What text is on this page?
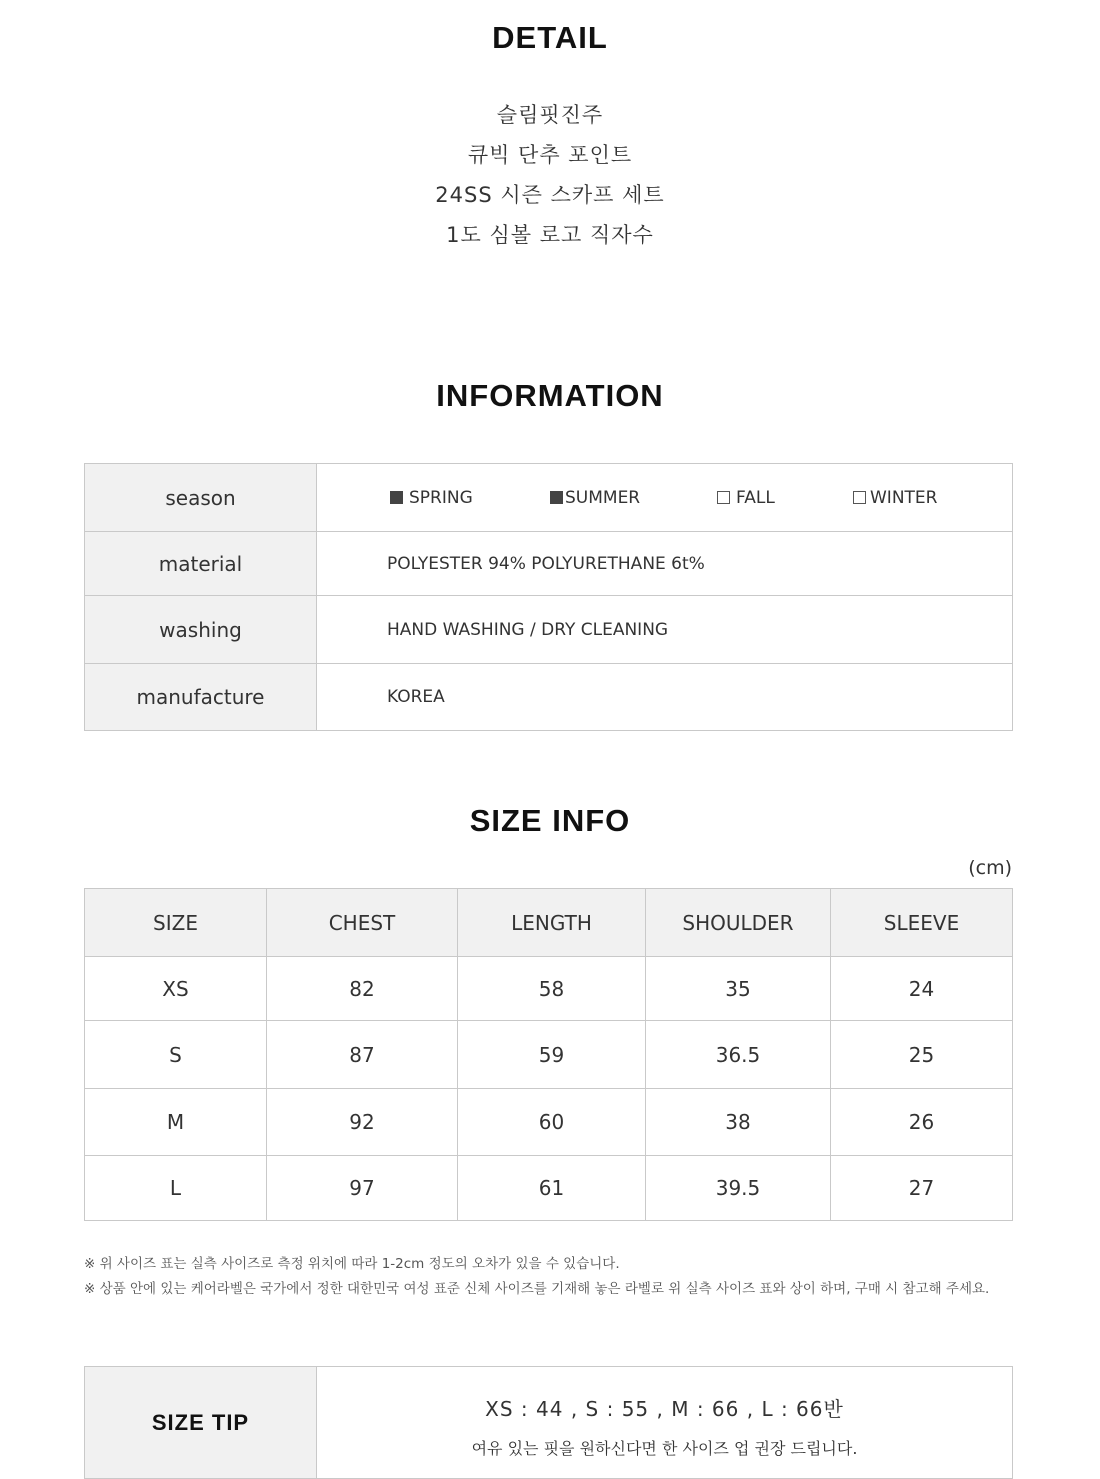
DETAIL
슬림핏진주
큐빅 단추 포인트
24SS 시즌 스카프 세트
1도 심볼 로고 직자수
INFORMATION
season	SPRING SUMMER FALL WINTER
material	POLYESTER 94% POLYURETHANE 6t%
washing	HAND WASHING / DRY CLEANING
manufacture	KOREA
SIZE INFO
(cm)
SIZE	CHEST	LENGTH	SHOULDER	SLEEVE
XS	82	58	35	24
S	87	59	36.5	25
M	92	60	38	26
L	97	61	39.5	27
※ 위 사이즈 표는 실측 사이즈로 측정 위치에 따라 1-2cm 정도의 오차가 있을 수 있습니다.
※ 상품 안에 있는 케어라벨은 국가에서 정한 대한민국 여성 표준 신체 사이즈를 기재해 놓은 라벨로 위 실측 사이즈 표와 상이 하며, 구매 시 참고해 주세요.
SIZE TIP	
XS : 44 , S : 55 , M : 66 , L : 66반
여유 있는 핏을 원하신다면 한 사이즈 업 권장 드립니다.
